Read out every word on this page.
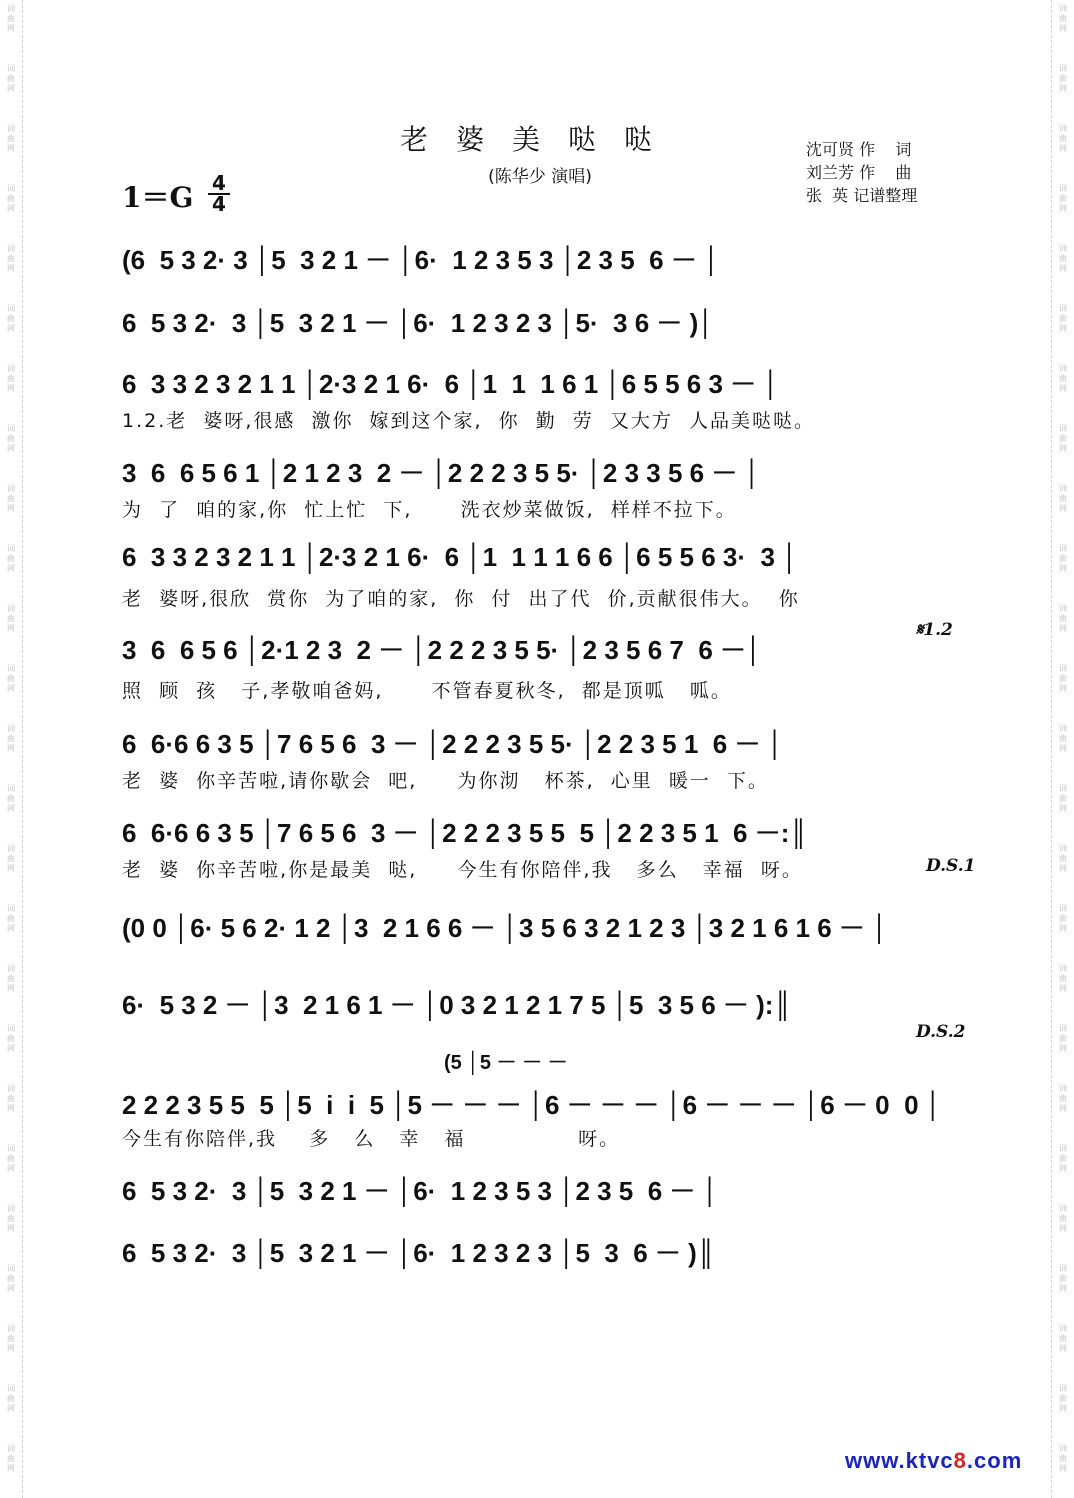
词
曲
网
词
曲
网
词
曲
网
词
曲
网
词
曲
网
词
曲
网
词
曲
网
词
曲
网
词
曲
网
词
曲
网
词
曲
网
词
曲
网
词
曲
网
词
曲
网
词
曲
网
词
曲
网
词
曲
网
词
曲
网
词
曲
网
词
曲
网
词
曲
网
词
曲
网
词
曲
网
词
曲
网
词
曲
网
词
曲
网
词
曲
网
词
曲
网
词
曲
网
词
曲
网
词
曲
网
词
曲
网
词
曲
网
词
曲
网
词
曲
网
词
曲
网
词
曲
网
词
曲
网
词
曲
网
词
曲
网
词
曲
网
词
曲
网
词
曲
网
词
曲
网
词
曲
网
词
曲
网
词
曲
网
词
曲
网
词
曲
网
词
曲
网
老婆美哒哒
(陈华少 演唱)
沈可贤 作    词
刘兰芳 作    曲
张  英 记谱整理
1＝G 4
4
(6  5 3 2· 3 │5  3 2 1 － │6·  1 2 3 5 3 │2 3 5  6 － │
6  5 3 2·  3 │5  3 2 1 － │6·  1 2 3 2 3 │5·  3 6 － )│
6  3 3 2 3 2 1 1 │2·3 2 1 6·  6 │1  1  1 6 1 │6 5 5 6 3 － │
1.2.老  婆呀,很感  激你  嫁到这个家,  你  勤  劳  又大方  人品美哒哒。
3  6  6 5 6 1 │2 1 2 3  2 － │2 2 2 3 5 5· │2 3 3 5 6 － │
为  了  咱的家,你  忙上忙  下,      洗衣炒菜做饭,  样样不拉下。
6  3 3 2 3 2 1 1 │2·3 2 1 6·  6 │1  1 1 1 6 6 │6 5 5 6 3·  3 │
老  婆呀,很欣  赏你  为了咱的家,  你  付  出了代  价,贡献很伟大。  你
3  6  6 5 6 │2·1 2 3  2 － │2 2 2 3 5 5· │2 3 5 6 7  6 －│
照  顾  孩   子,孝敬咱爸妈,      不管春夏秋冬,  都是顶呱   呱。
𝄋1.2
6  6·6 6 3 5 │7 6 5 6  3 － │2 2 2 3 5 5· │2 2 3 5 1  6 － │
老  婆  你辛苦啦,请你歇会  吧,     为你沏   杯茶,  心里  暖一  下。
6  6·6 6 3 5 │7 6 5 6  3 － │2 2 2 3 5 5  5 │2 2 3 5 1  6 －:║
老  婆  你辛苦啦,你是最美  哒,     今生有你陪伴,我   多么   幸福  呀。	D.S.1
(0 0 │6· 5 6 2· 1 2 │3  2 1 6 6 － │3 5 6 3 2 1 2 3 │3 2 1 6 1 6 － │
6·  5 3 2 － │3  2 1 6 1 － │0 3 2 1 2 1 7 5 │5  3 5 6 － ):║
D.S.2
(5 │5 － － －
2 2 2 3 5 5  5 │5  i  i  5 │5 － － － │6 － － － │6 － － － │6 － 0  0 │
今生有你陪伴,我    多   么   幸   福              呀。
6  5 3 2·  3 │5  3 2 1 － │6·  1 2 3 5 3 │2 3 5  6 － │
6  5 3 2·  3 │5  3 2 1 － │6·  1 2 3 2 3 │5  3  6 － )║
www.ktvc8.com
